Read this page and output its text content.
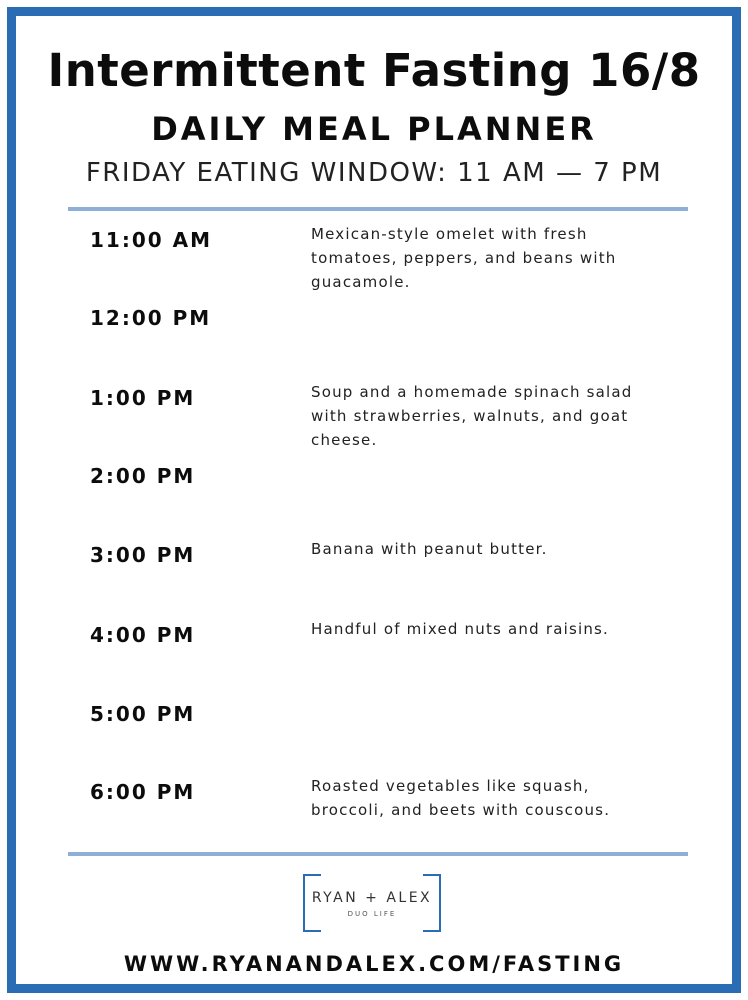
Intermittent Fasting 16/8
DAILY MEAL PLANNER
FRIDAY EATING WINDOW: 11 AM — 7 PM
11:00 AM	Mexican-style omelet with fresh tomatoes, peppers, and beans with guacamole.
12:00 PM
1:00 PM	Soup and a homemade spinach salad with strawberries, walnuts, and goat cheese.
2:00 PM
3:00 PM	Banana with peanut butter.
4:00 PM	Handful of mixed nuts and raisins.
5:00 PM
6:00 PM	Roasted vegetables like squash, broccoli, and beets with couscous.
RYAN + ALEX
DUO LIFE
WWW.RYANANDALEX.COM/FASTING
